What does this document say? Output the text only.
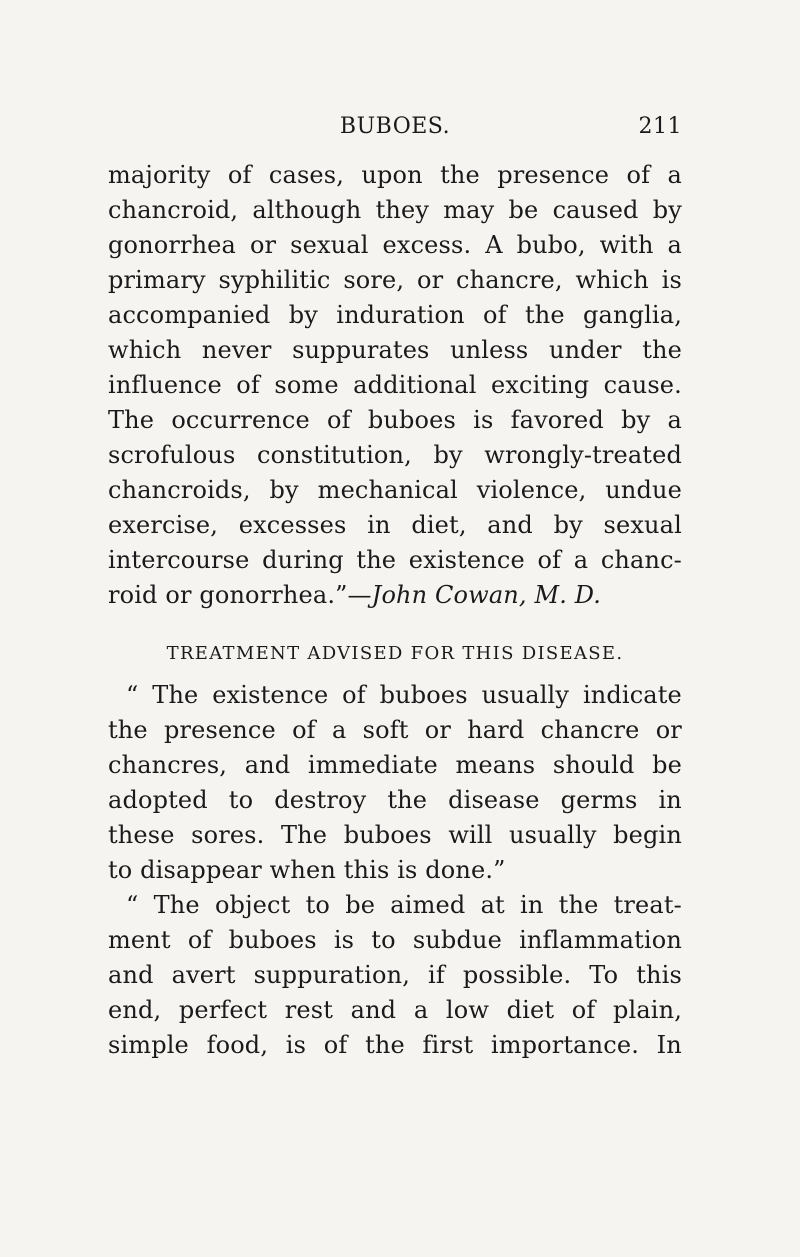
BUBOES.	211
majority of cases, upon the presence of a
chancroid, although they may be caused by
gonorrhea or sexual excess. A bubo, with a
primary syphilitic sore, or chancre, which is
accompanied by induration of the ganglia,
which never suppurates unless under the
influence of some additional exciting cause.
The occurrence of buboes is favored by a
scrofulous constitution, by wrongly-treated
chancroids, by mechanical violence, undue
exercise, excesses in diet, and by sexual
intercourse during the existence of a chanc-
roid or gonorrhea.”— John Cowan, M. D.
TREATMENT ADVISED FOR THIS DISEASE.
“ The existence of buboes usually indicate
the presence of a soft or hard chancre or
chancres, and immediate means should be
adopted to destroy the disease germs in
these sores. The buboes will usually begin
to disappear when this is done.”
“ The object to be aimed at in the treat-
ment of buboes is to subdue inflammation
and avert suppuration, if possible. To this
end, perfect rest and a low diet of plain,
simple food, is of the first importance. In
